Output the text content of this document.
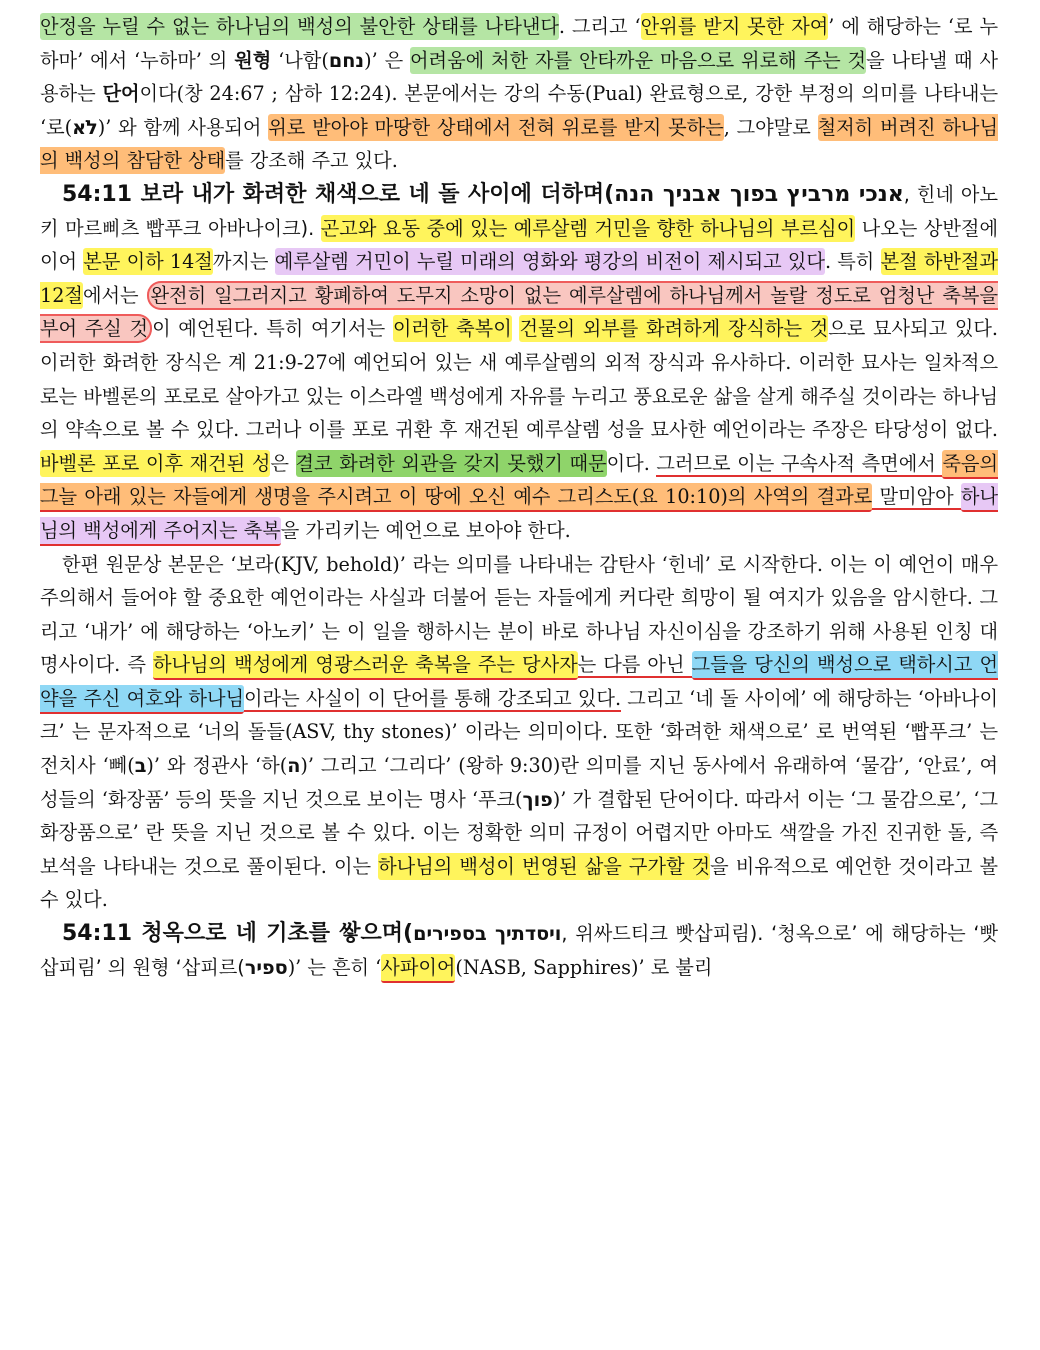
안정을 누릴 수 없는 하나님의 백성의 불안한 상태를 나타낸다. 그리고 ‘안위를 받지 못한 자여’ 에 해당하는 ‘로 누하마’ 에서 ‘누하마’ 의 원형 ‘나함(נחם)’ 은 어려움에 처한 자를 안타까운 마음으로 위로해 주는 것을 나타낼 때 사용하는 단어이다(창 24:67 ; 삼하 12:24). 본문에서는 강의 수동(Pual) 완료형으로, 강한 부정의 의미를 나타내는 ‘로(לֹא)’ 와 함께 사용되어 위로 받아야 마땅한 상태에서 전혀 위로를 받지 못하는, 그야말로 철저히 버려진 하나님의 백성의 참담한 상태를 강조해 주고 있다.

54:11 보라 내가 화려한 채색으로 네 돌 사이에 더하며(אנכי מרביץ בפוך אבניך הנה, 힌네 아노키 마르삐츠 빱푸크 아바나이크). 곤고와 요동 중에 있는 예루살렘 거민을 향한 하나님의 부르심이 나오는 상반절에 이어 본문 이하 14절까지는 예루살렘 거민이 누릴 미래의 영화와 평강의 비전이 제시되고 있다. 특히 본절 하반절과 12절에서는 완전히 일그러지고 황폐하여 도무지 소망이 없는 예루살렘에 하나님께서 놀랄 정도로 엄청난 축복을 부어 주실 것 이 예언된다. 특히 여기서는 이러한 축복이 건물의 외부를 화려하게 장식하는 것으로 묘사되고 있다. 이러한 화려한 장식은 계 21:9-27에 예언되어 있는 새 예루살렘의 외적 장식과 유사하다. 이러한 묘사는 일차적으로는 바벨론의 포로로 살아가고 있는 이스라엘 백성에게 자유를 누리고 풍요로운 삶을 살게 해주실 것이라는 하나님의 약속으로 볼 수 있다. 그러나 이를 포로 귀환 후 재건된 예루살렘 성을 묘사한 예언이라는 주장은 타당성이 없다. 바벨론 포로 이후 재건된 성은 결코 화려한 외관을 갖지 못했기 때문이다. 그러므로 이는 구속사적 측면에서 죽음의 그늘 아래 있는 자들에게 생명을 주시려고 이 땅에 오신 예수 그리스도(요 10:10)의 사역의 결과로 말미암아 하나님의 백성에게 주어지는 축복을 가리키는 예언으로 보아야 한다.

한편 원문상 본문은 ‘보라(KJV, behold)’ 라는 의미를 나타내는 감탄사 ‘힌네’ 로 시작한다. 이는 이 예언이 매우 주의해서 들어야 할 중요한 예언이라는 사실과 더불어 듣는 자들에게 커다란 희망이 될 여지가 있음을 암시한다. 그리고 ‘내가’ 에 해당하는 ‘아노키’ 는 이 일을 행하시는 분이 바로 하나님 자신이심을 강조하기 위해 사용된 인칭 대명사이다. 즉 하나님의 백성에게 영광스러운 축복을 주는 당사자는 다름 아닌 그들을 당신의 백성으로 택하시고 언약을 주신 여호와 하나님이라는 사실이 이 단어를 통해 강조되고 있다. 그리고 ‘네 돌 사이에’ 에 해당하는 ‘아바나이크’ 는 문자적으로 ‘너의 돌들(ASV, thy stones)’ 이라는 의미이다. 또한 ‘화려한 채색으로’ 로 번역된 ‘빱푸크’ 는 전치사 ‘뻬(ב)’ 와 정관사 ‘하(ה)’ 그리고 ‘그리다’ (왕하 9:30)란 의미를 지닌 동사에서 유래하여 ‘물감’, ‘안료’, 여성들의 ‘화장품’ 등의 뜻을 지닌 것으로 보이는 명사 ‘푸크(פוך)’ 가 결합된 단어이다. 따라서 이는 ‘그 물감으로’, ‘그 화장품으로’ 란 뜻을 지닌 것으로 볼 수 있다. 이는 정확한 의미 규정이 어렵지만 아마도 색깔을 가진 진귀한 돌, 즉 보석을 나타내는 것으로 풀이된다. 이는 하나님의 백성이 번영된 삶을 구가할 것을 비유적으로 예언한 것이라고 볼 수 있다.

54:11 청옥으로 네 기초를 쌓으며(ויסדתיך בספירים, 위싸드티크 빳삽피림). ‘청옥으로’ 에 해당하는 ‘빳삽피림’ 의 원형 ‘삽피르(ספיר)’ 는 흔히 ‘사파이어(NASB, Sapphires)’ 로 불리
